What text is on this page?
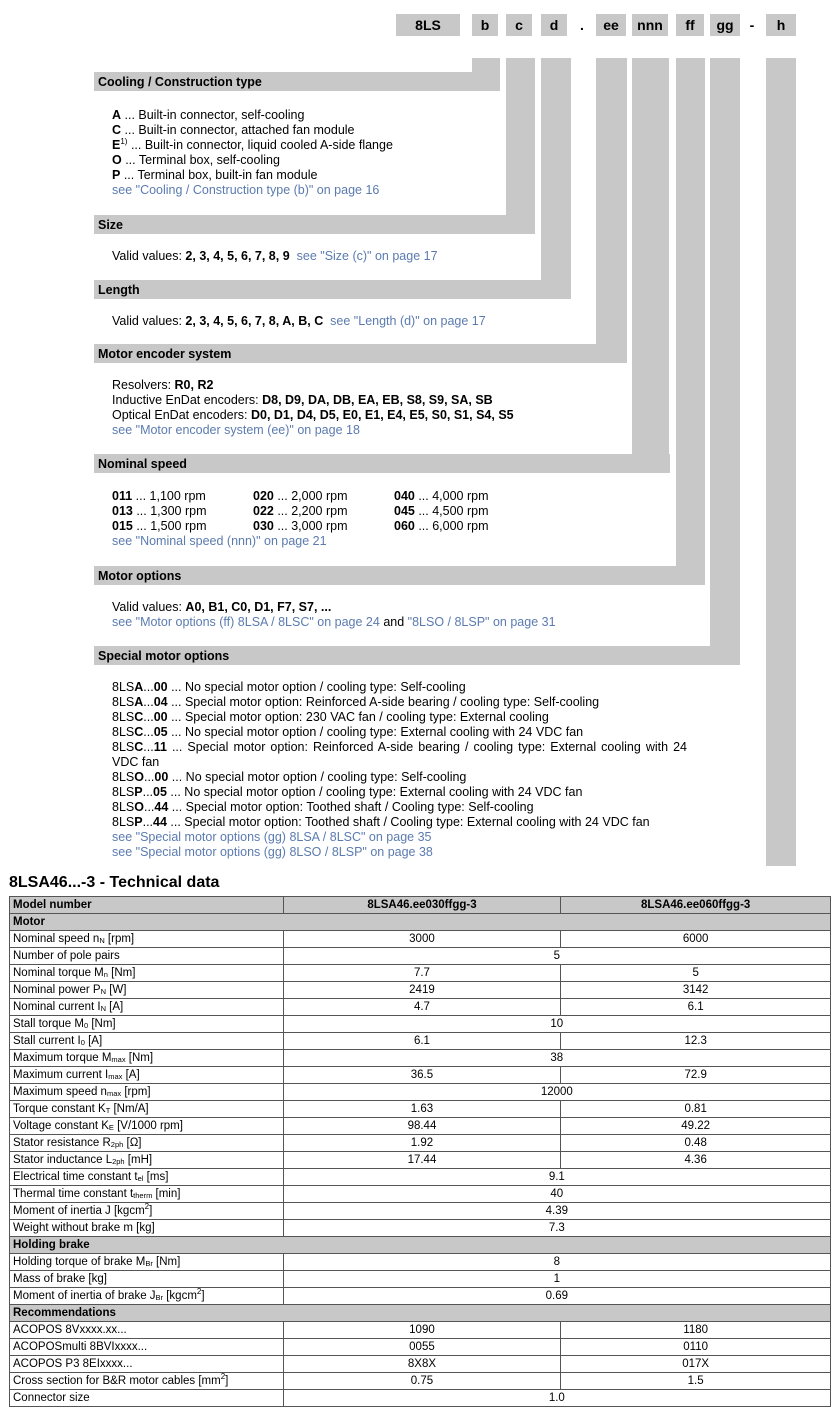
8LS	b	c	d	.	ee	nnn	ff	gg	-	h
Cooling / Construction type
A ... Built-in connector, self-cooling
C ... Built-in connector, attached fan module
$E^{1)}$ ... Built-in connector, liquid cooled A-side flange
O ... Terminal box, self-cooling
P ... Terminal box, built-in fan module
see "Cooling / Construction type (b)" on page 16
Size
Valid values: 2, 3, 4, 5, 6, 7, 8, 9 see "Size (c)" on page 17
Length
Valid values: 2, 3, 4, 5, 6, 7, 8, A, B, C see "Length (d)" on page 17
Motor encoder system
Resolvers: R0, R2
Inductive EnDat encoders: D8, D9, DA, DB, EA, EB, S8, S9, SA, SB
Optical EnDat encoders: D0, D1, D4, D5, E0, E1, E4, E5, S0, S1, S4, S5
see "Motor encoder system (ee)" on page 18
Nominal speed
011 ... 1,100 rpm	020 ... 2,000 rpm	040 ... 4,000 rpm
013 ... 1,300 rpm	022 ... 2,200 rpm	045 ... 4,500 rpm
015 ... 1,500 rpm	030 ... 3,000 rpm	060 ... 6,000 rpm
see "Nominal speed (nnn)" on page 21
Motor options
Valid values: A0, B1, C0, D1, F7, S7, ...
see "Motor options (ff) 8LSA / 8LSC" on page 24 and "8LSO / 8LSP" on page 31
Special motor options
8LSA...00 ... No special motor option / cooling type: Self-cooling
8LSA...04 ... Special motor option: Reinforced A-side bearing / cooling type: Self-cooling
8LSC...00 ... Special motor option: 230 VAC fan / cooling type: External cooling
8LSC...05 ... No special motor option / cooling type: External cooling with 24 VDC fan
8LSC...11 ... Special motor option: Reinforced A-side bearing / cooling type: External cooling with 24 VDC fan
8LSO...00 ... No special motor option / cooling type: Self-cooling
8LSP...05 ... No special motor option / cooling type: External cooling with 24 VDC fan
8LSO...44 ... Special motor option: Toothed shaft / Cooling type: Self-cooling
8LSP...44 ... Special motor option: Toothed shaft / Cooling type: External cooling with 24 VDC fan
see "Special motor options (gg) 8LSA / 8LSC" on page 35
see "Special motor options (gg) 8LSO / 8LSP" on page 38
8LSA46...-3 - Technical data
Model number	8LSA46.ee030ffgg-3	8LSA46.ee060ffgg-3
Motor		
Nominal speed $n_N$ [rpm]	3000	6000
Number of pole pairs	5	
Nominal torque $M_n$ [Nm]	7.7	5
Nominal power $P_N$ [W]	2419	3142
Nominal current $I_N$ [A]	4.7	6.1
Stall torque $M_0$ [Nm]	10	
Stall current $I_0$ [A]	6.1	12.3
Maximum torque $M_{max}$ [Nm]	38	
Maximum current $I_{max}$ [A]	36.5	72.9
Maximum speed $n_{max}$ [rpm]	12000	
Torque constant $K_T$ [Nm/A]	1.63	0.81
Voltage constant $K_E$ [V/1000 rpm]	98.44	49.22
Stator resistance $R_{2ph}$ [Ω]	1.92	0.48
Stator inductance $L_{2ph}$ [mH]	17.44	4.36
Electrical time constant $t_{el}$ [ms]	9.1	
Thermal time constant $t_{therm}$ [min]	40	
Moment of inertia J [kgcm$^2$]	4.39	
Weight without brake m [kg]	7.3	
Holding brake		
Holding torque of brake $M_{Br}$ [Nm]	8	
Mass of brake [kg]	1	
Moment of inertia of brake $J_{Br}$ [kgcm$^2$]	0.69	
Recommendations		
ACOPOS 8Vxxxx.xx...	1090	1180
ACOPOSmulti 8BVIxxxx...	0055	0110
ACOPOS P3 8EIxxxx...	8X8X	017X
Cross section for B&R motor cables $[mm^2]$	0.75	1.5
Connector size	1.0	
